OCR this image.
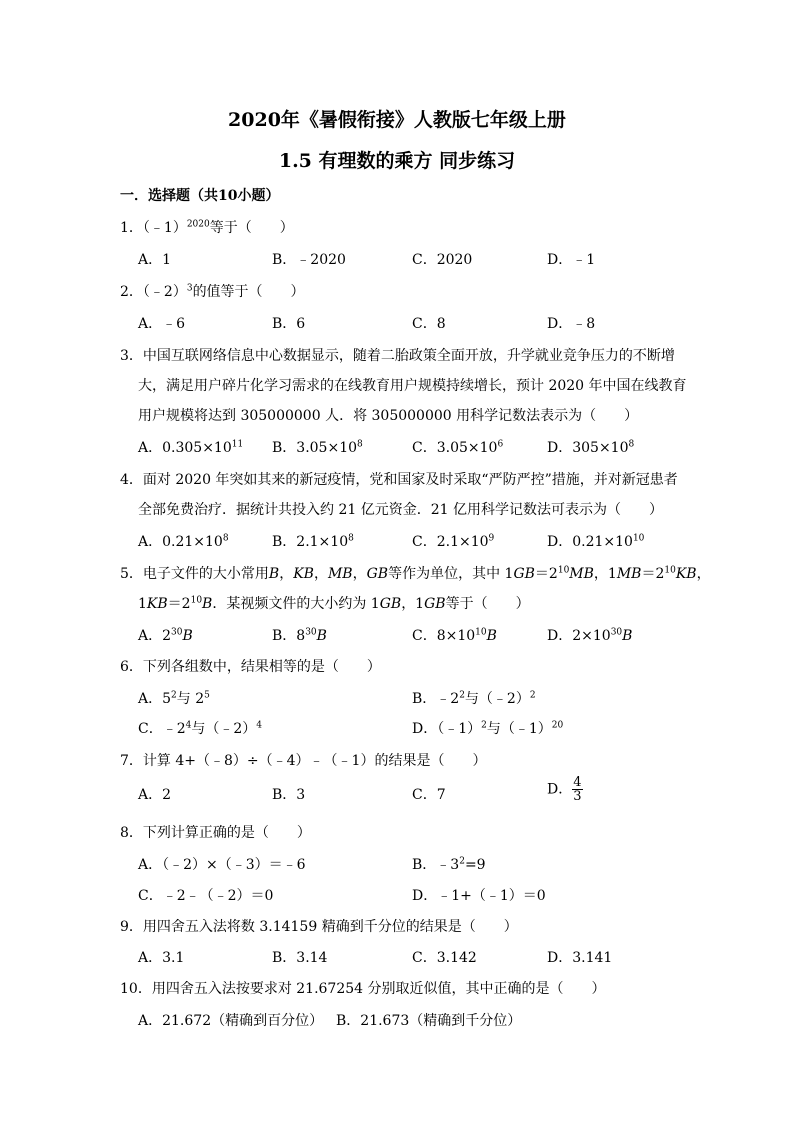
2020年《暑假衔接》人教版七年级上册
1.5 有理数的乘方 同步练习
一．选择题（共10小题）
1．（﹣1）$^{2020}$等于（　　）
A．1	B．﹣2020	C．2020	D．﹣1
2．（﹣2）$^3$的值等于（　　）
A．﹣6	B．6	C．8	D．﹣8
3．中国互联网络信息中心数据显示，随着二胎政策全面开放，升学就业竞争压力的不断增
大，满足用户碎片化学习需求的在线教育用户规模持续增长，预计 2020 年中国在线教育
用户规模将达到 305000000 人．将 305000000 用科学记数法表示为（　　）
A．$0.305\times 10^{11}$ B．$3.05\times 10^8$	C．$3.05\times 10^6$	D．$305\times 10^8$
4．面对 2020 年突如其来的新冠疫情，党和国家及时采取“严防严控”措施，并对新冠患者
全部免费治疗．据统计共投入约 21 亿元资金．21 亿用科学记数法可表示为（　　）
A．$0.21\times 10^8$	B．$2.1\times 10^8$	C．$2.1\times 10^9$	D．$0.21\times 10^{10}$
5．电子文件的大小常用B，KB，MB，GB等作为单位，其中 $1GB=2^{10}MB$，$1MB=2^{10}KB$，
$1KB=2^{10}B$．某视频文件的大小约为 1GB，1GB等于（　　）
A．$2^{30}B$	B．$8^{30}B$	C．$8\times 10^{10}B$	D．$2\times 10^{30}B$
6．下列各组数中，结果相等的是（　　）
A．$5^2$与 $2^5$	B．$﹣2^2$与（﹣2）$^2$
C．$﹣2^4$与（﹣2）$^4$	D．（﹣1）$^2$与（﹣1）$^{20}$
7．计算 4+（﹣8）÷（﹣4）﹣（﹣1）的结果是（　　）
A．2	B．3	C．7	D． $\frac{4}{3}$
8．下列计算正确的是（　　）
A．（﹣2）×（﹣3）＝﹣6	B．$﹣3^2=9$
C．﹣2﹣（﹣2）＝0	D．﹣1+（﹣1）＝0
9．用四舍五入法将数 3.14159 精确到千分位的结果是（　　）
A．3.1	B．3.14	C．3.142	D．3.141
10．用四舍五入法按要求对 21.67254 分别取近似值，其中正确的是（　　）
A．21.672（精确到百分位） B．21.673（精确到千分位）
